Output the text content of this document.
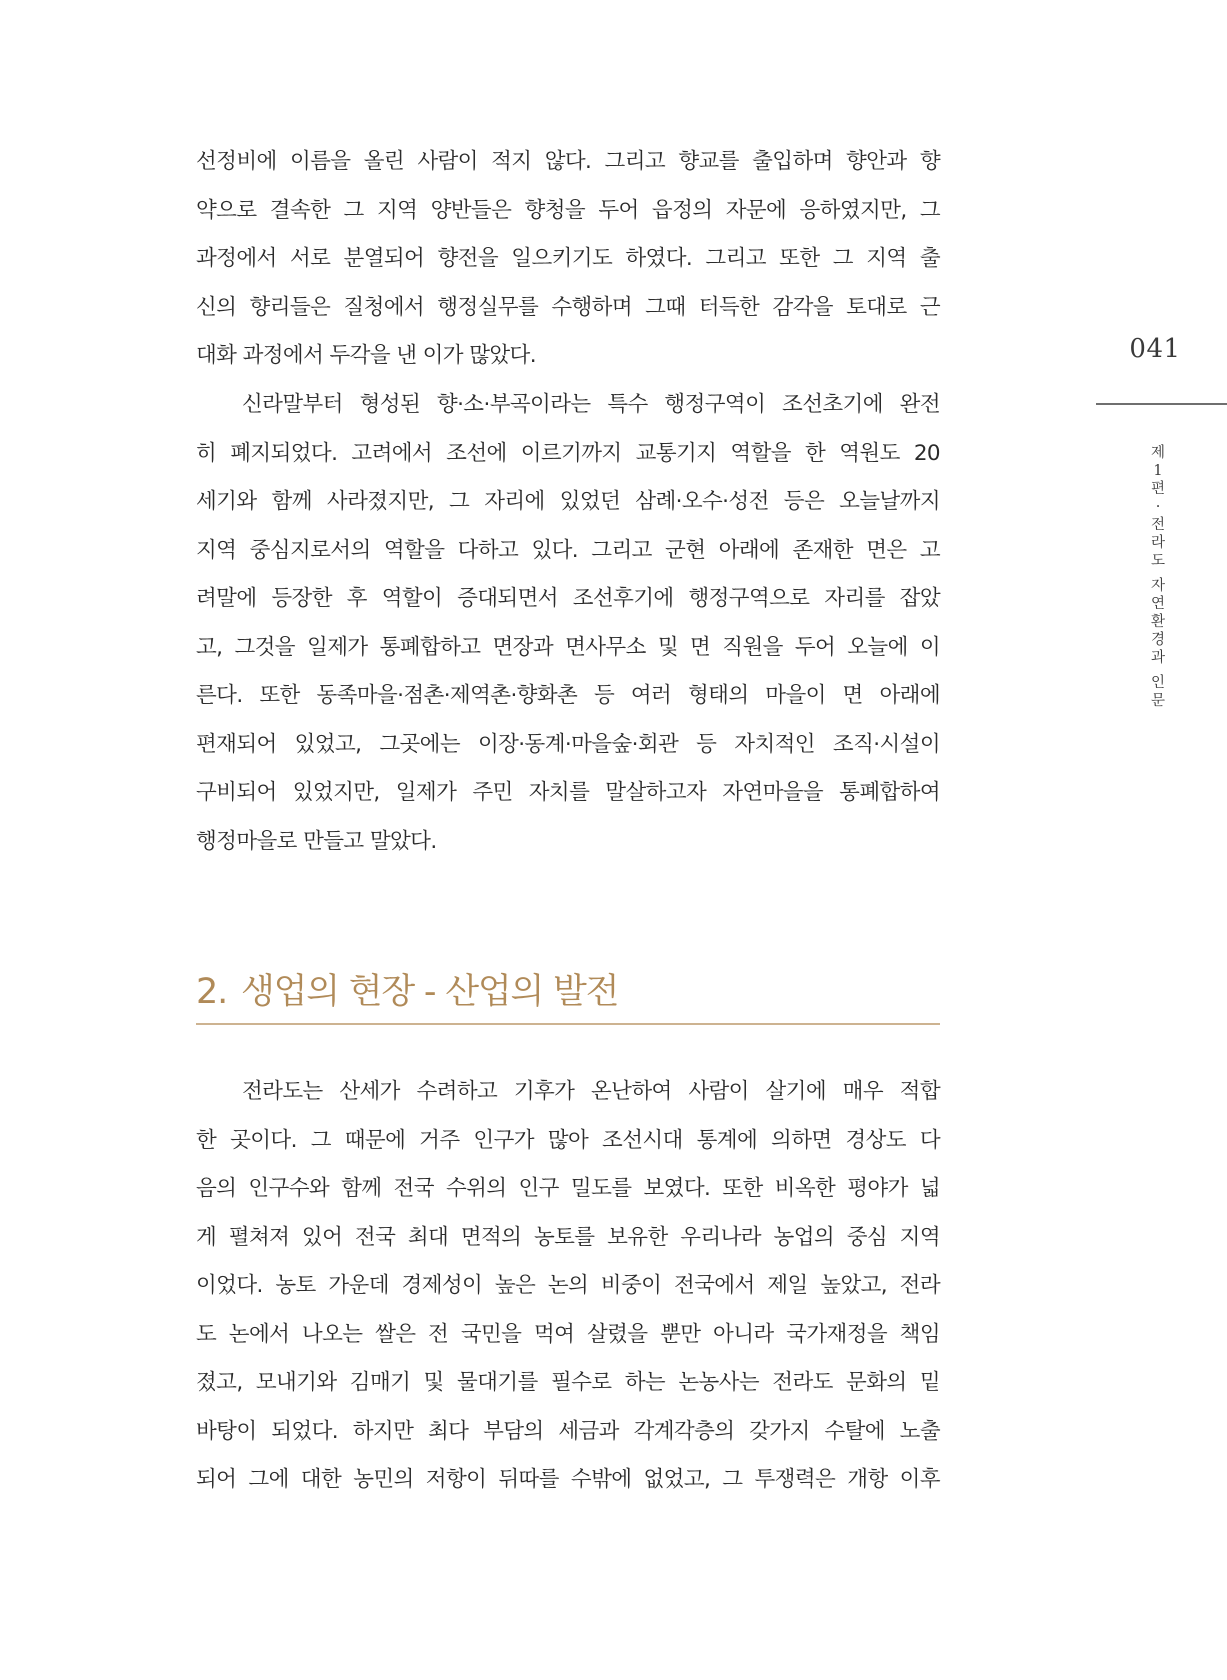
선정비에 이름을 올린 사람이 적지 않다. 그리고 향교를 출입하며 향안과 향
약으로 결속한 그 지역 양반들은 향청을 두어 읍정의 자문에 응하였지만, 그
과정에서 서로 분열되어 향전을 일으키기도 하였다. 그리고 또한 그 지역 출
신의 향리들은 질청에서 행정실무를 수행하며 그때 터득한 감각을 토대로 근
대화 과정에서 두각을 낸 이가 많았다.
신라말부터 형성된 향·소·부곡이라는 특수 행정구역이 조선초기에 완전
히 폐지되었다. 고려에서 조선에 이르기까지 교통기지 역할을 한 역원도 20
세기와 함께 사라졌지만, 그 자리에 있었던 삼례·오수·성전 등은 오늘날까지
지역 중심지로서의 역할을 다하고 있다. 그리고 군현 아래에 존재한 면은 고
려말에 등장한 후 역할이 증대되면서 조선후기에 행정구역으로 자리를 잡았
고, 그것을 일제가 통폐합하고 면장과 면사무소 및 면 직원을 두어 오늘에 이
른다. 또한 동족마을·점촌·제역촌·향화촌 등 여러 형태의 마을이 면 아래에
편재되어 있었고, 그곳에는 이장·동계·마을숲·회관 등 자치적인 조직·시설이
구비되어 있었지만, 일제가 주민 자치를 말살하고자 자연마을을 통폐합하여
행정마을로 만들고 말았다.
2. 생업의 현장 - 산업의 발전
전라도는 산세가 수려하고 기후가 온난하여 사람이 살기에 매우 적합
한 곳이다. 그 때문에 거주 인구가 많아 조선시대 통계에 의하면 경상도 다
음의 인구수와 함께 전국 수위의 인구 밀도를 보였다. 또한 비옥한 평야가 넓
게 펼쳐져 있어 전국 최대 면적의 농토를 보유한 우리나라 농업의 중심 지역
이었다. 농토 가운데 경제성이 높은 논의 비중이 전국에서 제일 높았고, 전라
도 논에서 나오는 쌀은 전 국민을 먹여 살렸을 뿐만 아니라 국가재정을 책임
졌고, 모내기와 김매기 및 물대기를 필수로 하는 논농사는 전라도 문화의 밑
바탕이 되었다. 하지만 최다 부담의 세금과 각계각층의 갖가지 수탈에 노출
되어 그에 대한 농민의 저항이 뒤따를 수밖에 없었고, 그 투쟁력은 개항 이후
041
제
1
편
·
전
라
도
자
연
환
경
과
인
문
